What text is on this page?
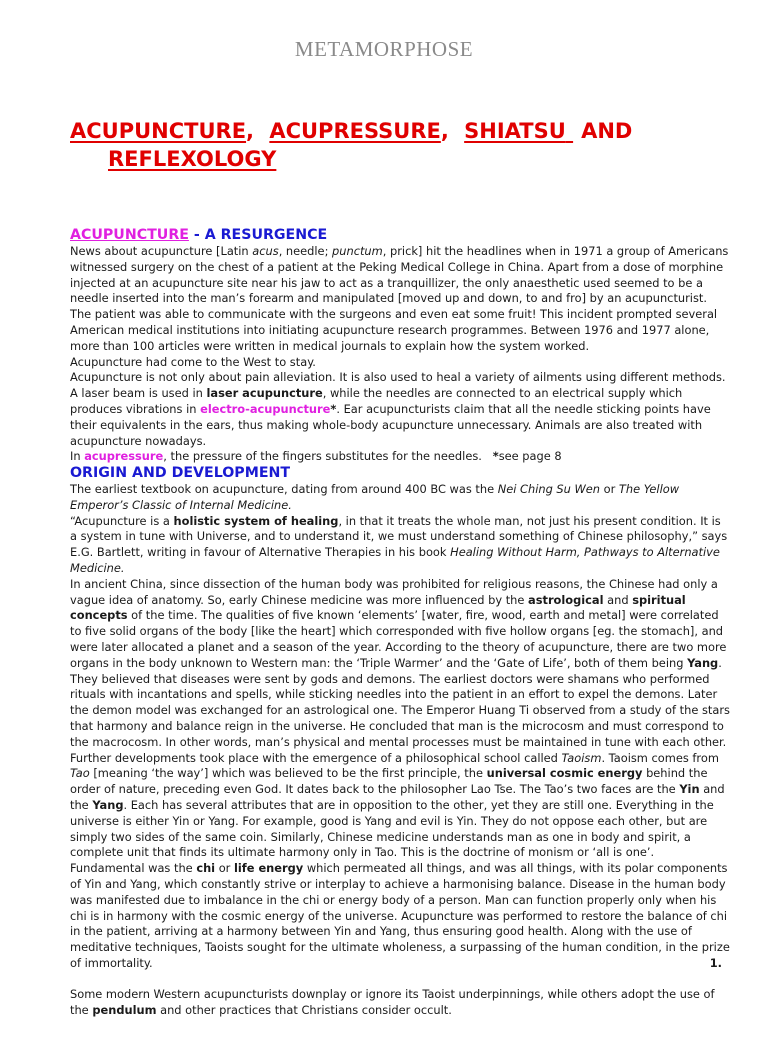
METAMORPHOSE
ACUPUNCTURE, ACUPRESSURE, SHIATSU AND
REFLEXOLOGY
ACUPUNCTURE - A RESURGENCE

News about acupuncture [Latin acus, needle; punctum, prick] hit the headlines when in 1971 a group of Americans witnessed surgery on the chest of a patient at the Peking Medical College in China. Apart from a dose of morphine injected at an acupuncture site near his jaw to act as a tranquillizer, the only anaesthetic used seemed to be a needle inserted into the man’s forearm and manipulated [moved up and down, to and fro] by an acupuncturist.

The patient was able to communicate with the surgeons and even eat some fruit! This incident prompted several American medical institutions into initiating acupuncture research programmes. Between 1976 and 1977 alone, more than 100 articles were written in medical journals to explain how the system worked.

Acupuncture had come to the West to stay.

Acupuncture is not only about pain alleviation. It is also used to heal a variety of ailments using different methods.

A laser beam is used in laser acupuncture, while the needles are connected to an electrical supply which produces vibrations in electro-acupuncture*. Ear acupuncturists claim that all the needle sticking points have their equivalents in the ears, thus making whole-body acupuncture unnecessary. Animals are also treated with acupuncture nowadays.

In acupressure, the pressure of the fingers substitutes for the needles.   *see page 8

ORIGIN AND DEVELOPMENT

The earliest textbook on acupuncture, dating from around 400 BC was the Nei Ching Su Wen or The Yellow Emperor’s Classic of Internal Medicine.

“Acupuncture is a holistic system of healing, in that it treats the whole man, not just his present condition. It is a system in tune with Universe, and to understand it, we must understand something of Chinese philosophy,” says E.G. Bartlett, writing in favour of Alternative Therapies in his book Healing Without Harm, Pathways to Alternative Medicine.

In ancient China, since dissection of the human body was prohibited for religious reasons, the Chinese had only a vague idea of anatomy. So, early Chinese medicine was more influenced by the astrological and spiritual concepts of the time. The qualities of five known ‘elements’ [water, fire, wood, earth and metal] were correlated to five solid organs of the body [like the heart] which corresponded with five hollow organs [eg. the stomach], and were later allocated a planet and a season of the year. According to the theory of acupuncture, there are two more organs in the body unknown to Western man: the ‘Triple Warmer’ and the ‘Gate of Life’, both of them being Yang.

They believed that diseases were sent by gods and demons. The earliest doctors were shamans who performed rituals with incantations and spells, while sticking needles into the patient in an effort to expel the demons. Later the demon model was exchanged for an astrological one. The Emperor Huang Ti observed from a study of the stars that harmony and balance reign in the universe. He concluded that man is the microcosm and must correspond to the macrocosm. In other words, man’s physical and mental processes must be maintained in tune with each other.

Further developments took place with the emergence of a philosophical school called Taoism. Taoism comes from Tao [meaning ‘the way’] which was believed to be the first principle, the universal cosmic energy behind the order of nature, preceding even God. It dates back to the philosopher Lao Tse. The Tao’s two faces are the Yin and the Yang. Each has several attributes that are in opposition to the other, yet they are still one. Everything in the universe is either Yin or Yang. For example, good is Yang and evil is Yin. They do not oppose each other, but are simply two sides of the same coin. Similarly, Chinese medicine understands man as one in body and spirit, a complete unit that finds its ultimate harmony only in Tao. This is the doctrine of monism or ‘all is one’. Fundamental was the chi or life energy which permeated all things, and was all things, with its polar components of Yin and Yang, which constantly strive or interplay to achieve a harmonising balance. Disease in the human body was manifested due to imbalance in the chi or energy body of a person. Man can function properly only when his chi is in harmony with the cosmic energy of the universe. Acupuncture was performed to restore the balance of chi in the patient, arriving at a harmony between Yin and Yang, thus ensuring good health. Along with the use of meditative techniques, Taoists sought for the ultimate wholeness, a surpassing of the human condition, in the prize of immortality.	1.

Some modern Western acupuncturists downplay or ignore its Taoist underpinnings, while others adopt the use of the pendulum and other practices that Christians consider occult.
